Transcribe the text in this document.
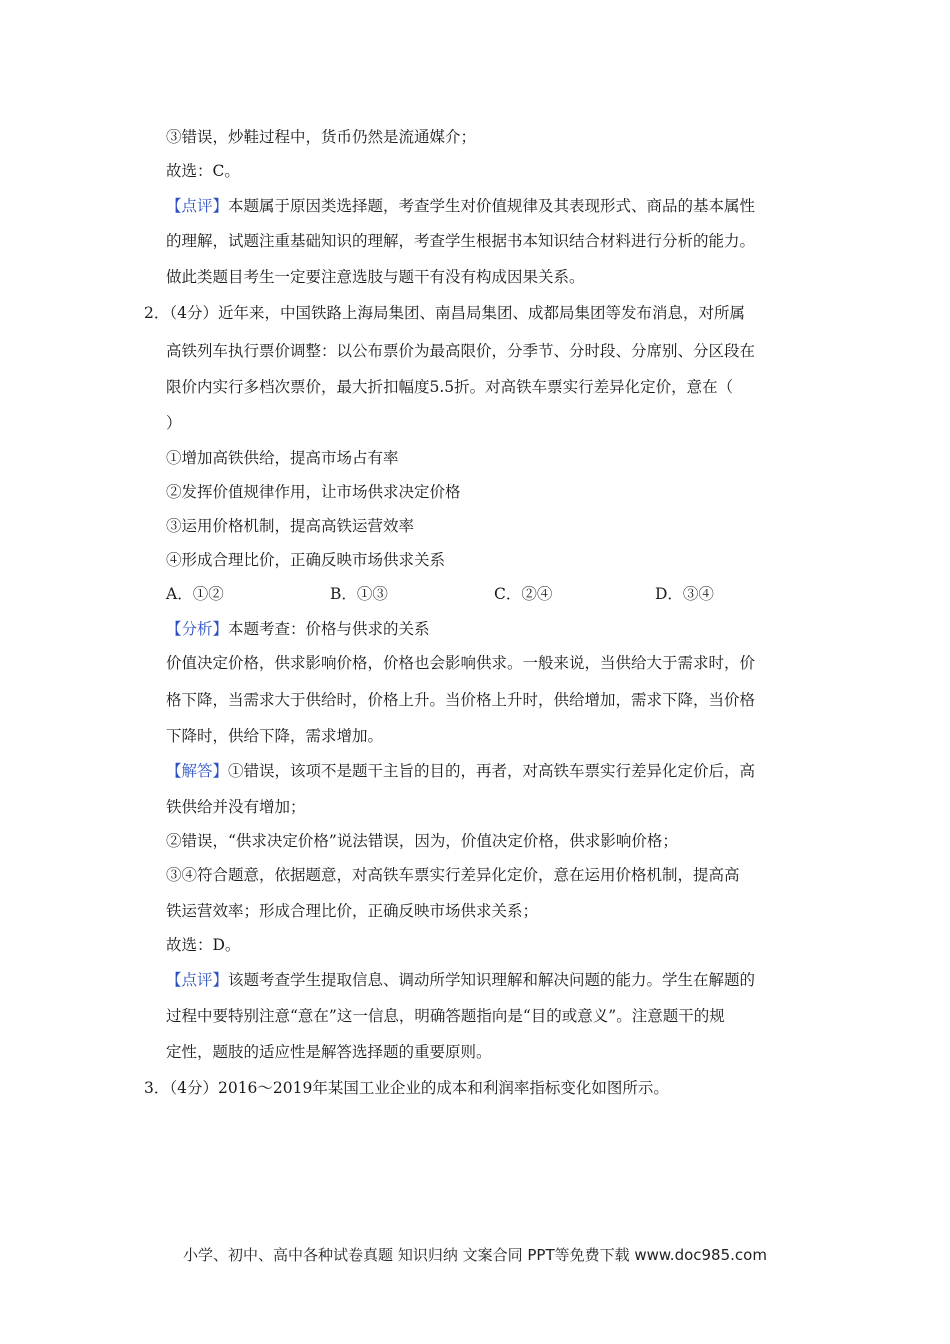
③错误，炒鞋过程中，货币仍然是流通媒介；
故选：C。
【点评】本题属于原因类选择题，考查学生对价值规律及其表现形式、商品的基本属性
的理解，试题注重基础知识的理解，考查学生根据书本知识结合材料进行分析的能力。
做此类题目考生一定要注意选肢与题干有没有构成因果关系。
2．（4分）近年来，中国铁路上海局集团、南昌局集团、成都局集团等发布消息，对所属
高铁列车执行票价调整：以公布票价为最高限价，分季节、分时段、分席别、分区段在
限价内实行多档次票价，最大折扣幅度5.5折。对高铁车票实行差异化定价，意在（
）
①增加高铁供给，提高市场占有率
②发挥价值规律作用，让市场供求决定价格
③运用价格机制，提高高铁运营效率
④形成合理比价，正确反映市场供求关系
A．①②	B．①③	C．②④	D．③④
【分析】本题考查：价格与供求的关系
价值决定价格，供求影响价格，价格也会影响供求。一般来说，当供给大于需求时，价
格下降，当需求大于供给时，价格上升。当价格上升时，供给增加，需求下降，当价格
下降时，供给下降，需求增加。
【解答】①错误，该项不是题干主旨的目的，再者，对高铁车票实行差异化定价后，高
铁供给并没有增加；
②错误，“供求决定价格”说法错误，因为，价值决定价格，供求影响价格；
③④符合题意，依据题意，对高铁车票实行差异化定价，意在运用价格机制，提高高
铁运营效率；形成合理比价，正确反映市场供求关系；
故选：D。
【点评】该题考查学生提取信息、调动所学知识理解和解决问题的能力。学生在解题的
过程中要特别注意“意在”这一信息，明确答题指向是“目的或意义”。注意题干的规
定性，题肢的适应性是解答选择题的重要原则。
3．（4分）2016～2019年某国工业企业的成本和利润率指标变化如图所示。
小学、初中、高中各种试卷真题 知识归纳 文案合同 PPT等免费下载 www.doc985.com
